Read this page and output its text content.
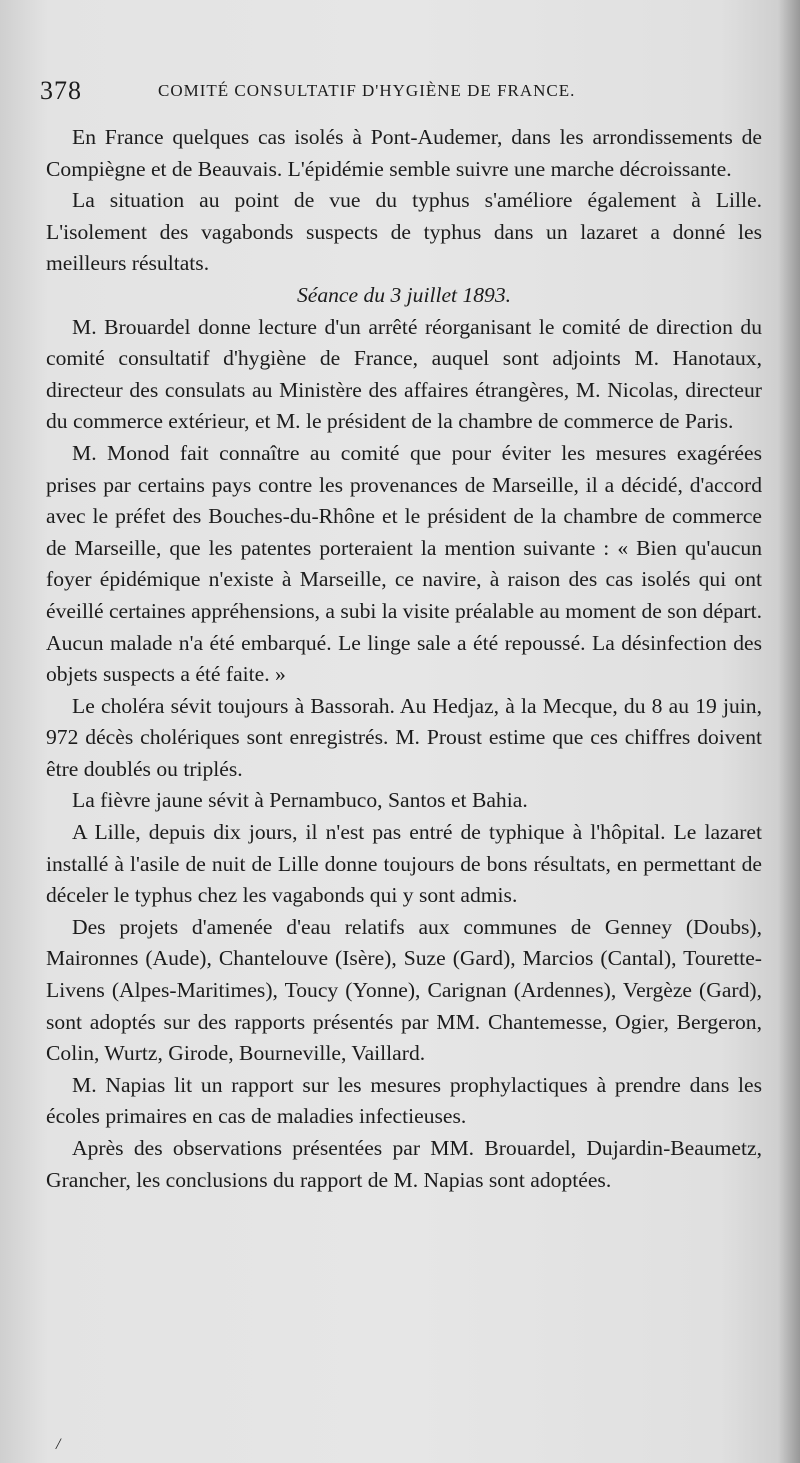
378	COMITÉ CONSULTATIF D'HYGIÈNE DE FRANCE.

En France quelques cas isolés à Pont-Audemer, dans les arrondissements de Compiègne et de Beauvais. L'épidémie semble suivre une marche décroissante.

La situation au point de vue du typhus s'améliore également à Lille. L'isolement des vagabonds suspects de typhus dans un lazaret a donné les meilleurs résultats.

Séance du 3 juillet 1893.

M. Brouardel donne lecture d'un arrêté réorganisant le comité de direction du comité consultatif d'hygiène de France, auquel sont adjoints M. Hanotaux, directeur des consulats au Ministère des affaires étrangères, M. Nicolas, directeur du commerce extérieur, et M. le président de la chambre de commerce de Paris.

M. Monod fait connaître au comité que pour éviter les mesures exagérées prises par certains pays contre les provenances de Marseille, il a décidé, d'accord avec le préfet des Bouches-du-Rhône et le président de la chambre de commerce de Marseille, que les patentes porteraient la mention suivante : « Bien qu'aucun foyer épidémique n'existe à Marseille, ce navire, à raison des cas isolés qui ont éveillé certaines appréhensions, a subi la visite préalable au moment de son départ. Aucun malade n'a été embarqué. Le linge sale a été repoussé. La désinfection des objets suspects a été faite. »

Le choléra sévit toujours à Bassorah. Au Hedjaz, à la Mecque, du 8 au 19 juin, 972 décès cholériques sont enregistrés. M. Proust estime que ces chiffres doivent être doublés ou triplés.

La fièvre jaune sévit à Pernambuco, Santos et Bahia.

A Lille, depuis dix jours, il n'est pas entré de typhique à l'hôpital. Le lazaret installé à l'asile de nuit de Lille donne toujours de bons résultats, en permettant de déceler le typhus chez les vagabonds qui y sont admis.

Des projets d'amenée d'eau relatifs aux communes de Genney (Doubs), Maironnes (Aude), Chantelouve (Isère), Suze (Gard), Marcios (Cantal), Tourette-Livens (Alpes-Maritimes), Toucy (Yonne), Carignan (Ardennes), Vergèze (Gard), sont adoptés sur des rapports présentés par MM. Chantemesse, Ogier, Bergeron, Colin, Wurtz, Girode, Bourneville, Vaillard.

M. Napias lit un rapport sur les mesures prophylactiques à prendre dans les écoles primaires en cas de maladies infectieuses.

Après des observations présentées par MM. Brouardel, Dujardin-Beaumetz, Grancher, les conclusions du rapport de M. Napias sont adoptées.

/
